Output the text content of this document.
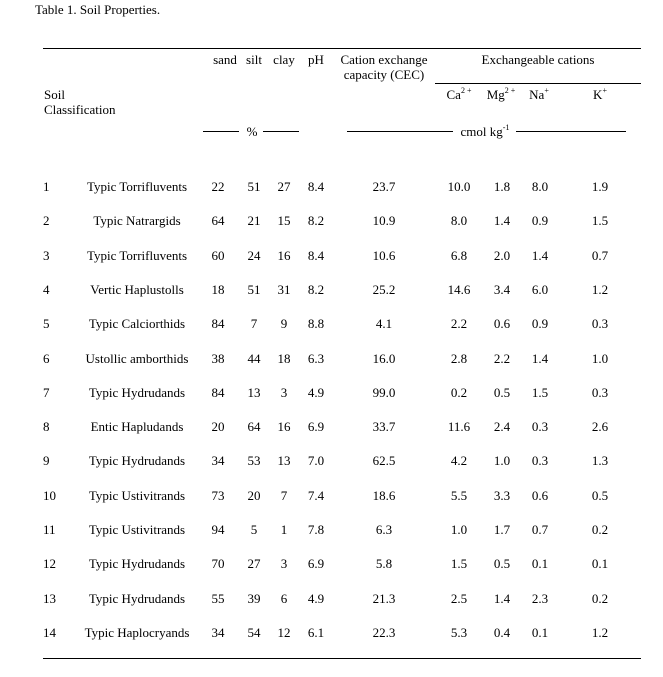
Table 1. Soil Properties.
Soil
Classification
sand silt clay pH Cation exchange
capacity (CEC)
Exchangeable cations
$Ca^{2 +}$ $Mg^{2 +}$ Na+	K+
%	cmol $kg^{-1}$
1	Typic Torrifluvents 22 51 27 8.4	23.7	10.0 1.8 8.0	1.9
2	Typic Natrargids 64 21 15 8.2	10.9	8.0 1.4 0.9	1.5
3	Typic Torrifluvents 60 24 16 8.4	10.6	6.8 2.0 1.4	0.7
4	Vertic Haplustolls 18 51 31 8.2	25.2	14.6 3.4 6.0	1.2
5	Typic Calciorthids 84 7 9 8.8	4.1	2.2 0.6 0.9	0.3
6	Ustollic amborthids 38 44 18 6.3	16.0	2.8 2.2 1.4	1.0
7	Typic Hydrudands 84 13 3 4.9	99.0	0.2 0.5 1.5	0.3
8	Entic Hapludands 20 64 16 6.9	33.7	11.6 2.4 0.3	2.6
9	Typic Hydrudands 34 53 13 7.0	62.5	4.2 1.0 0.3	1.3
10	Typic Ustivitrands 73 20 7 7.4	18.6	5.5 3.3 0.6	0.5
11	Typic Ustivitrands 94 5 1 7.8	6.3	1.0 1.7 0.7	0.2
12	Typic Hydrudands 70 27 3 6.9	5.8	1.5 0.5 0.1	0.1
13	Typic Hydrudands 55 39 6 4.9	21.3	2.5 1.4 2.3	0.2
14 Typic Haplocryands 34 54 12 6.1	22.3	5.3 0.4 0.1	1.2
